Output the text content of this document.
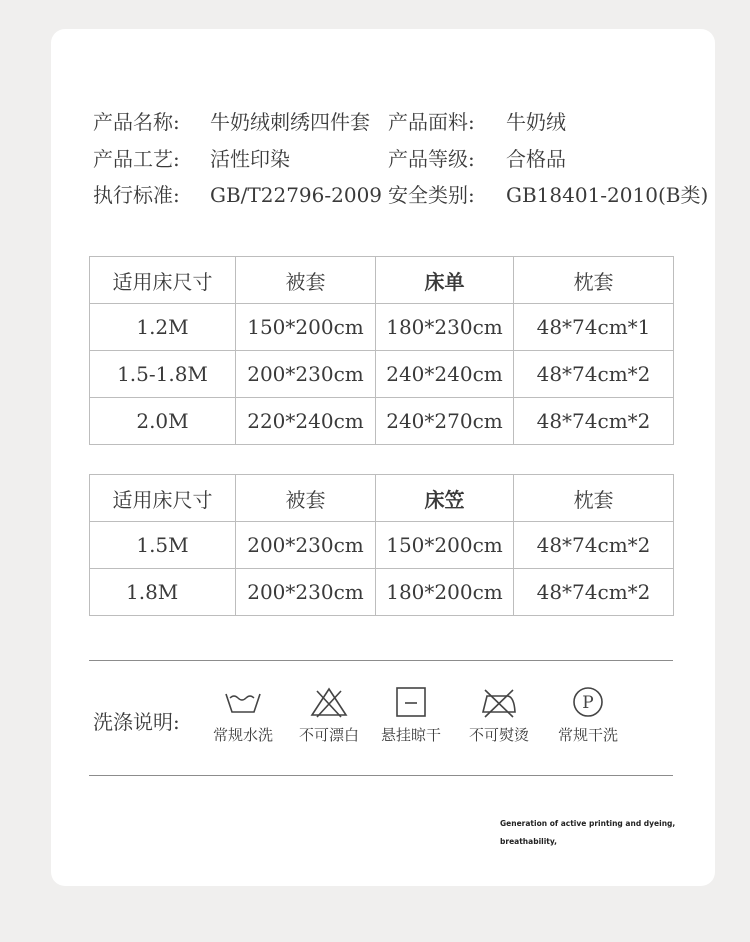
产品名称: 牛奶绒刺绣四件套 产品面料: 牛奶绒
产品工艺: 活性印染	产品等级: 合格品
执行标准: GB/T22796-2009 安全类别: GB18401-2010(B类)
适用床尺寸	被套	床单	枕套
1.2M	150*200cm	180*230cm	48*74cm*1
1.5-1.8M	200*230cm	240*240cm	48*74cm*2
2.0M	220*240cm	240*270cm	48*74cm*2
适用床尺寸	被套	床笠	枕套
1.5M	200*230cm	150*200cm	48*74cm*2
1.8M	200*230cm	180*200cm	48*74cm*2
洗涤说明:
常规水洗	不可漂白	悬挂晾干	不可熨烫
P
常规干洗
Generation of active printing and dyeing,
breathability,
